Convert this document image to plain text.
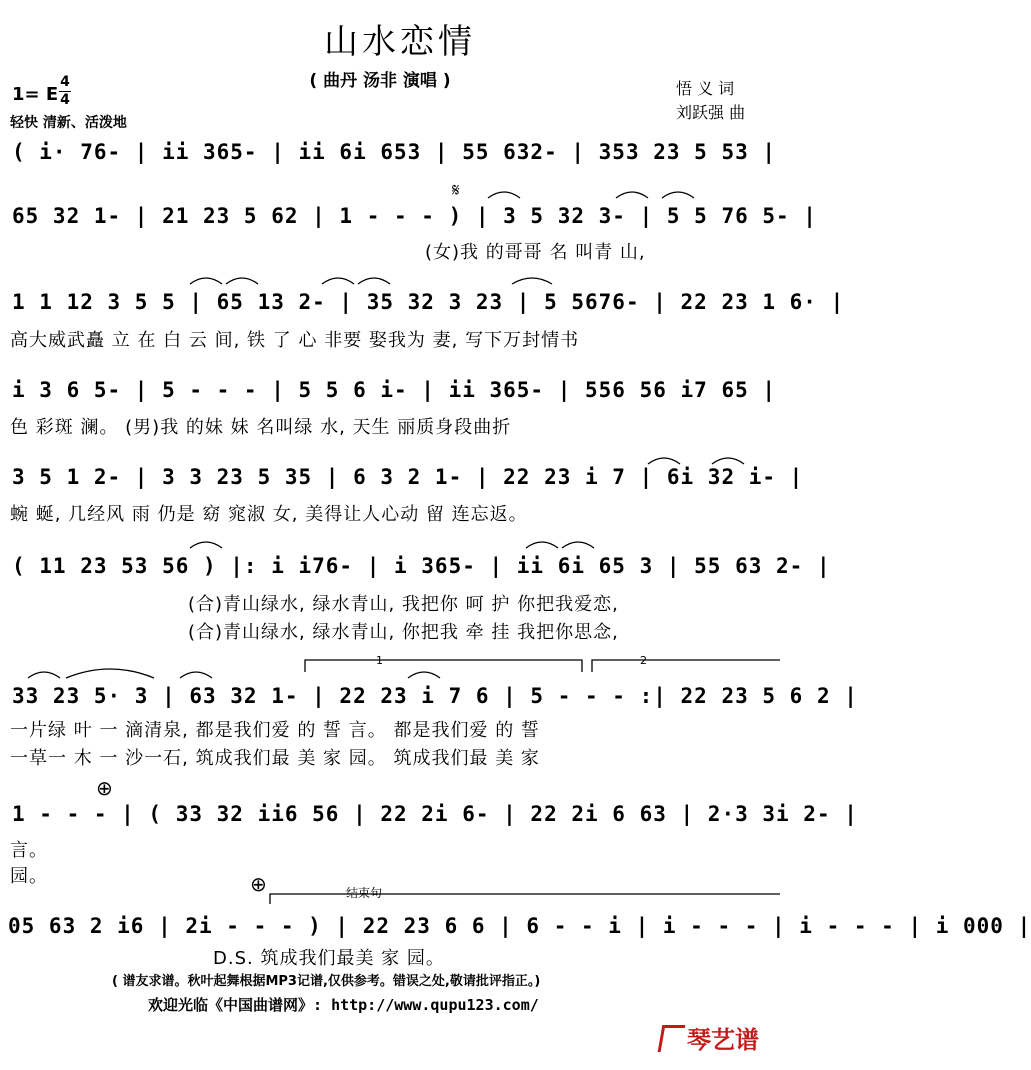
山水恋情
( 曲丹 汤非 演唱 )	悟 义 词
刘跃强 曲
1= E
4
4
轻快 清新、活泼地
( i· 76- | ii 365- | ii 6i 653 | 55 632- | 353 23 5 53 |
65 32 1- | 21 23 5 62 | 1 - - - ) | 3 5 32 3- | 5 5 76 5- |
(女)我 的哥哥 名 叫青 山,
1 1 12 3 5 5 | 65 13 2- | 35 32 3 23 | 5 5676- | 22 23 1 6· |
高大威武矗 立 在 白 云 间, 铁 了 心 非要 娶我为 妻, 写下万封情书
i 3 6 5- | 5 - - - | 5 5 6 i- | ii 365- | 556 56 i7 65 |
色 彩斑 澜。 (男)我 的妹 妹 名叫绿 水, 天生 丽质身段曲折
3 5 1 2- | 3 3 23 5 35 | 6 3 2 1- | 22 23 i 7 | 6i 32 i- |
蜿 蜒, 几经风 雨 仍是 窈 窕淑 女, 美得让人心动 留 连忘返。
( 11 23 53 56 ) |: i i76- | i 365- | ii 6i 65 3 | 55 63 2- |
(合)青山绿水, 绿水青山, 我把你 呵 护 你把我爱恋,
(合)青山绿水, 绿水青山, 你把我 牵 挂 我把你思念,
1	2
33 23 5· 3 | 63 32 1- | 22 23 i 7 6 | 5 - - - :| 22 23 5 6 2 |
一片绿 叶 一 滴清泉, 都是我们爱 的 誓 言。 都是我们爱 的 誓
一草一 木 一 沙一石, 筑成我们最 美 家 园。 筑成我们最 美 家
⊕
1 - - - | ( 33 32 ii6 56 | 22 2i 6- | 22 2i 6 63 | 2·3 3i 2- |
言。
园。	⊕	结束句
05 63 2 i6 | 2i - - - ) | 22 23 6 6 | 6 - - i | i - - - | i - - - | i 000 |
D.S. 筑成我们最美 家 园。
𝄋
( 谱友求谱。秋叶起舞根据MP3记谱,仅供参考。错误之处,敬请批评指正。)
欢迎光临《中国曲谱网》: http://www.qupu123.com/
琴艺谱
